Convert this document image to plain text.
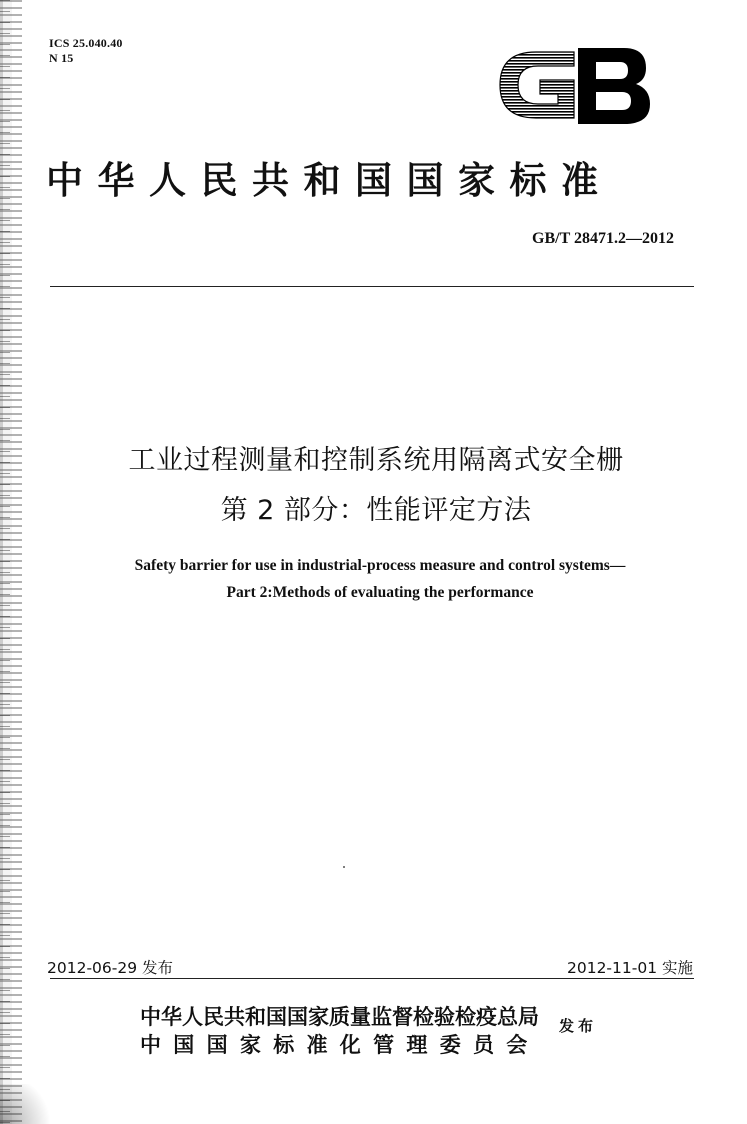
ICS 25.040.40
N 15
中华人民共和国国家标准
GB/T 28471.2—2012
工业过程测量和控制系统用隔离式安全栅
第 2 部分：性能评定方法
Safety barrier for use in industrial-process measure and control systems—
Part 2:Methods of evaluating the performance
2012-06-29 发布	2012-11-01 实施
中华人民共和国国家质量监督检验检疫总局
中国国家标准化管理委员会
发布
